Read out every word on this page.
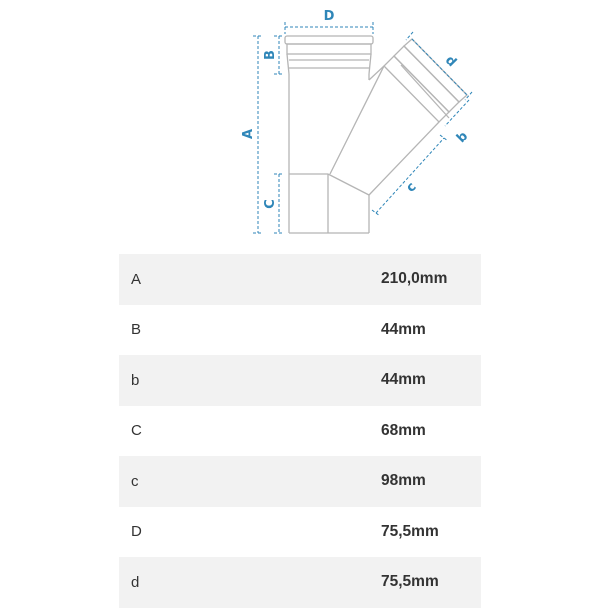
D
B
A
C
d
b
c
A	210,0mm
B	44mm
b	44mm
C	68mm
c	98mm
D	75,5mm
d	75,5mm
